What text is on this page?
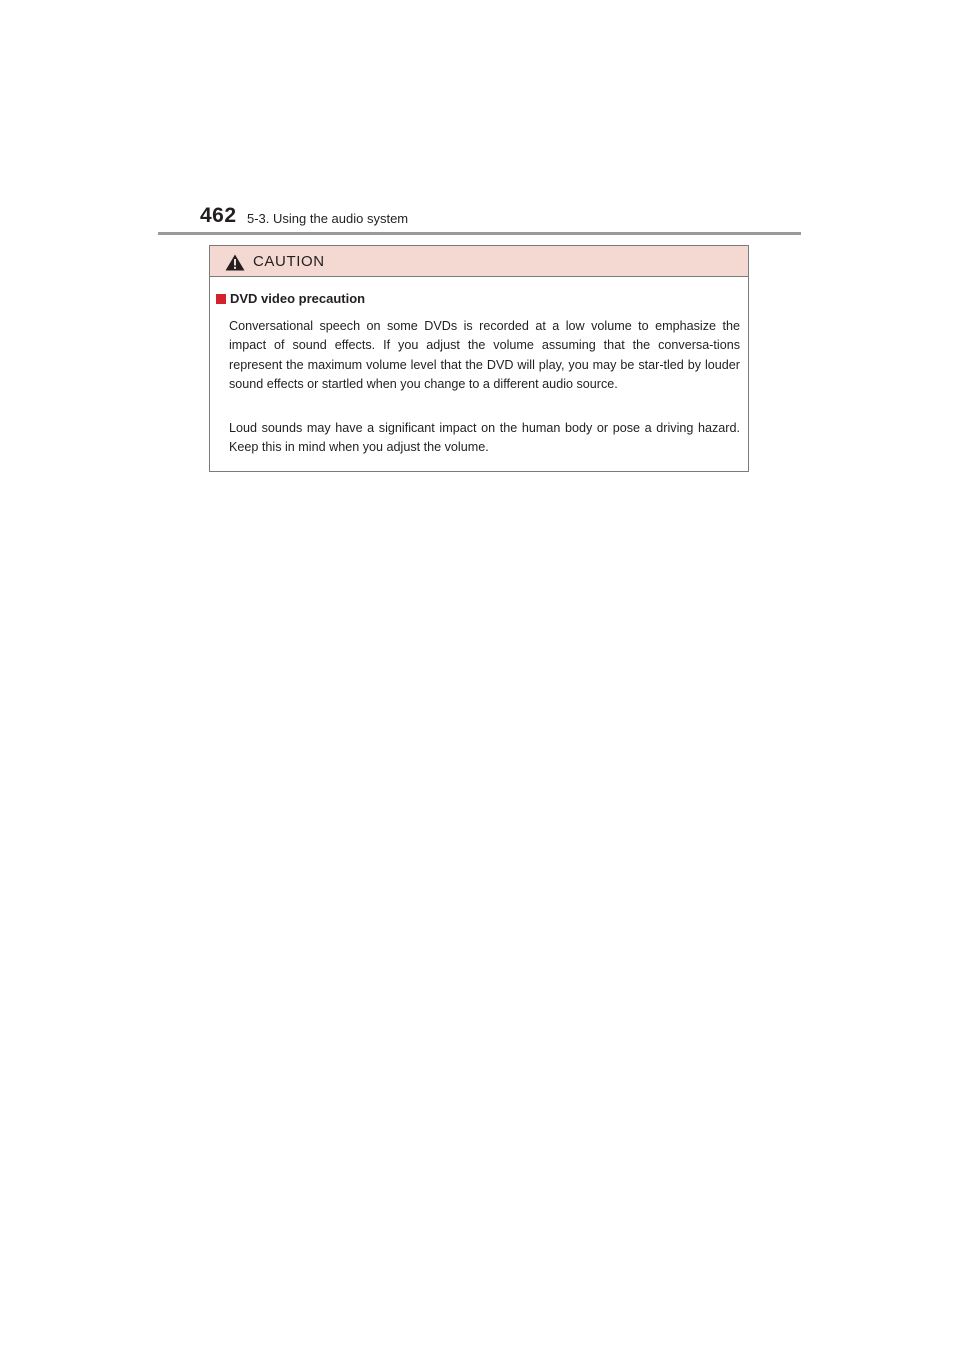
462 5-3. Using the audio system
CAUTION
DVD video precaution
Conversational speech on some DVDs is recorded at a low volume to emphasize the impact of sound effects. If you adjust the volume assuming that the conversa-tions represent the maximum volume level that the DVD will play, you may be star-tled by louder sound effects or startled when you change to a different audio source.
Loud sounds may have a significant impact on the human body or pose a driving hazard. Keep this in mind when you adjust the volume.
